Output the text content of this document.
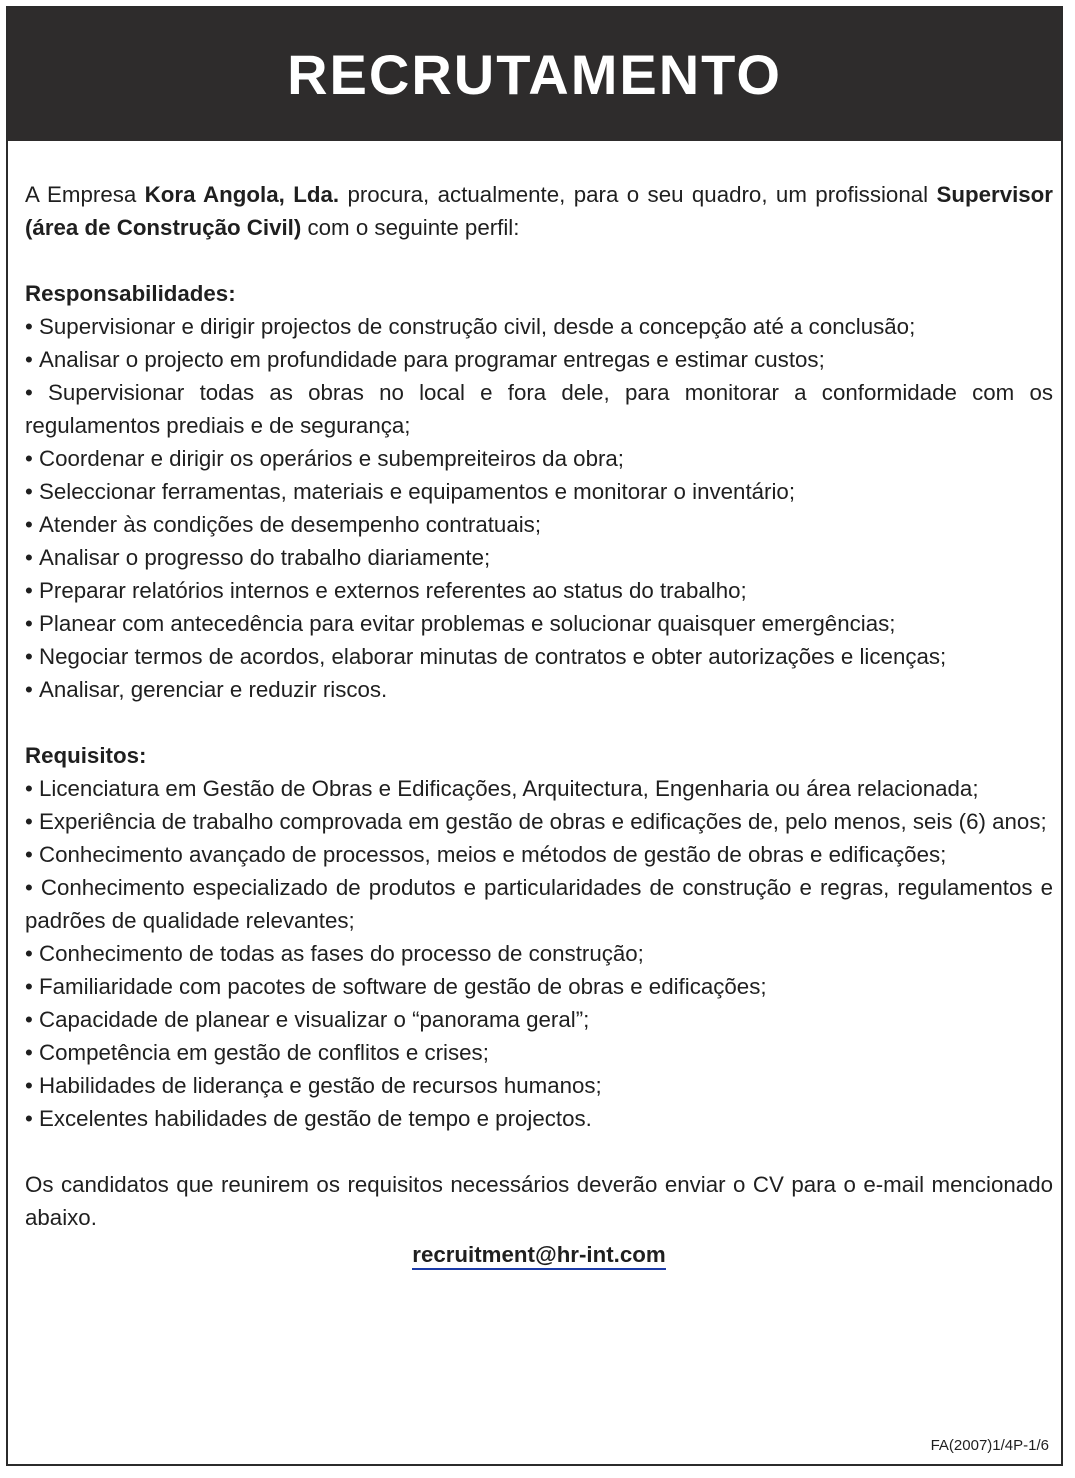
RECRUTAMENTO

A Empresa Kora Angola, Lda. procura, actualmente, para o seu quadro, um profissional Supervisor (área de Construção Civil) com o seguinte perfil:

Responsabilidades:

• Supervisionar e dirigir projectos de construção civil, desde a concepção até a conclusão;
• Analisar o projecto em profundidade para programar entregas e estimar custos;
• Supervisionar todas as obras no local e fora dele, para monitorar a conformidade com os regulamentos prediais e de segurança;
• Coordenar e dirigir os operários e subempreiteiros da obra;
• Seleccionar ferramentas, materiais e equipamentos e monitorar o inventário;
• Atender às condições de desempenho contratuais;
• Analisar o progresso do trabalho diariamente;
• Preparar relatórios internos e externos referentes ao status do trabalho;
• Planear com antecedência para evitar problemas e solucionar quaisquer emergências;
• Negociar termos de acordos, elaborar minutas de contratos e obter autorizações e licenças;
• Analisar, gerenciar e reduzir riscos.

Requisitos:

• Licenciatura em Gestão de Obras e Edificações, Arquitectura, Engenharia ou área relacionada;
• Experiência de trabalho comprovada em gestão de obras e edificações de, pelo menos, seis (6) anos;
• Conhecimento avançado de processos, meios e métodos de gestão de obras e edificações;
• Conhecimento especializado de produtos e particularidades de construção e regras, regulamentos e padrões de qualidade relevantes;
• Conhecimento de todas as fases do processo de construção;
• Familiaridade com pacotes de software de gestão de obras e edificações;
• Capacidade de planear e visualizar o “panorama geral”;
• Competência em gestão de conflitos e crises;
• Habilidades de liderança e gestão de recursos humanos;
• Excelentes habilidades de gestão de tempo e projectos.

Os candidatos que reunirem os requisitos necessários deverão enviar o CV para o e-mail mencionado abaixo.

recruitment@hr-int.com
FA(2007)1/4P-1/6
